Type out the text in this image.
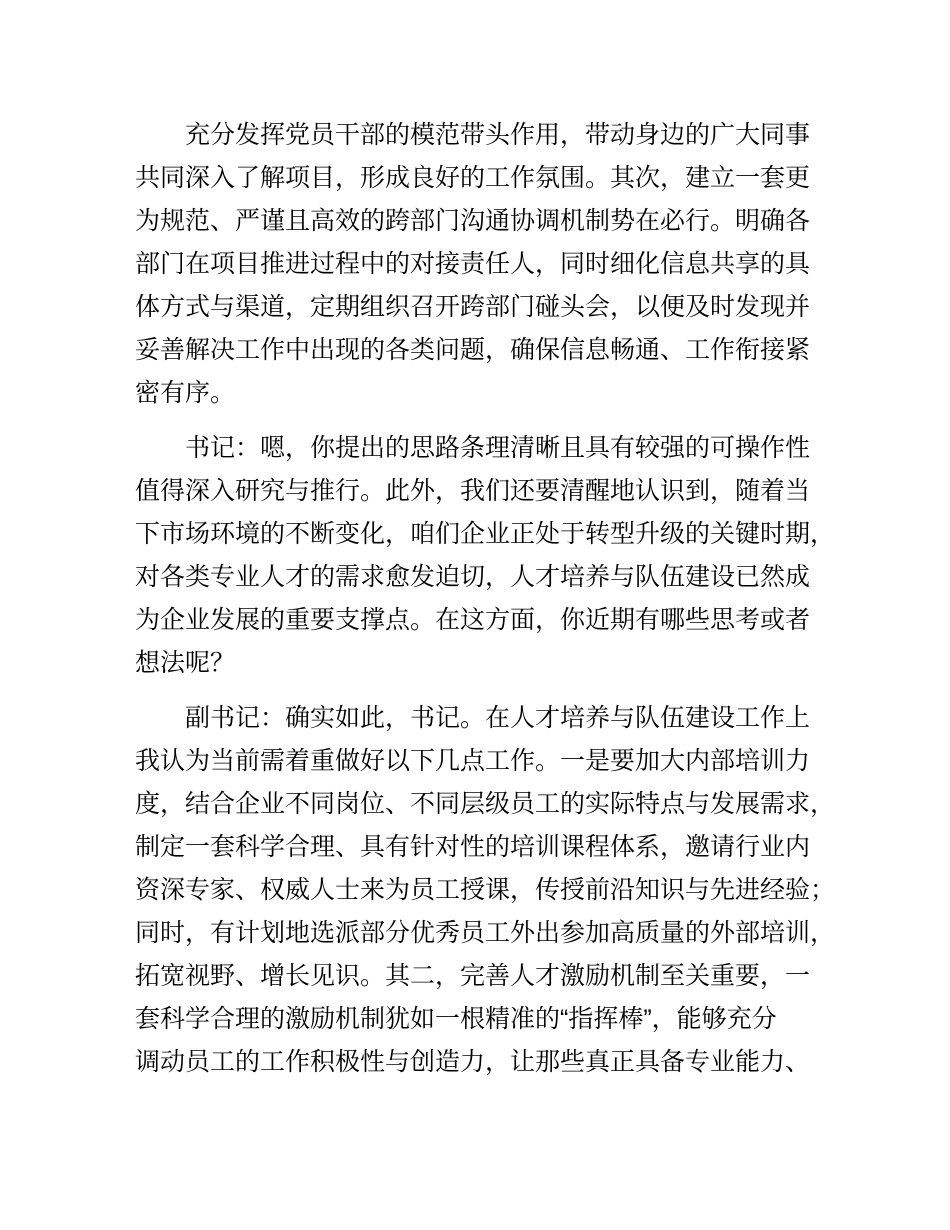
充分发挥党员干部的模范带头作用，带动身边的广大同事
共同深入了解项目，形成良好的工作氛围。其次，建立一套更
为规范、严谨且高效的跨部门沟通协调机制势在必行。明确各
部门在项目推进过程中的对接责任人，同时细化信息共享的具
体方式与渠道，定期组织召开跨部门碰头会，以便及时发现并
妥善解决工作中出现的各类问题，确保信息畅通、工作衔接紧
密有序。
书记：嗯，你提出的思路条理清晰且具有较强的可操作性
值得深入研究与推行。此外，我们还要清醒地认识到，随着当
下市场环境的不断变化，咱们企业正处于转型升级的关键时期，
对各类专业人才的需求愈发迫切，人才培养与队伍建设已然成
为企业发展的重要支撑点。在这方面，你近期有哪些思考或者
想法呢？
副书记：确实如此，书记。在人才培养与队伍建设工作上
我认为当前需着重做好以下几点工作。一是要加大内部培训力
度，结合企业不同岗位、不同层级员工的实际特点与发展需求，
制定一套科学合理、具有针对性的培训课程体系，邀请行业内
资深专家、权威人士来为员工授课，传授前沿知识与先进经验；
同时，有计划地选派部分优秀员工外出参加高质量的外部培训，
拓宽视野、增长见识。其二，完善人才激励机制至关重要，一
套科学合理的激励机制犹如一根精准的“指挥棒”，能够充分
调动员工的工作积极性与创造力，让那些真正具备专业能力、
